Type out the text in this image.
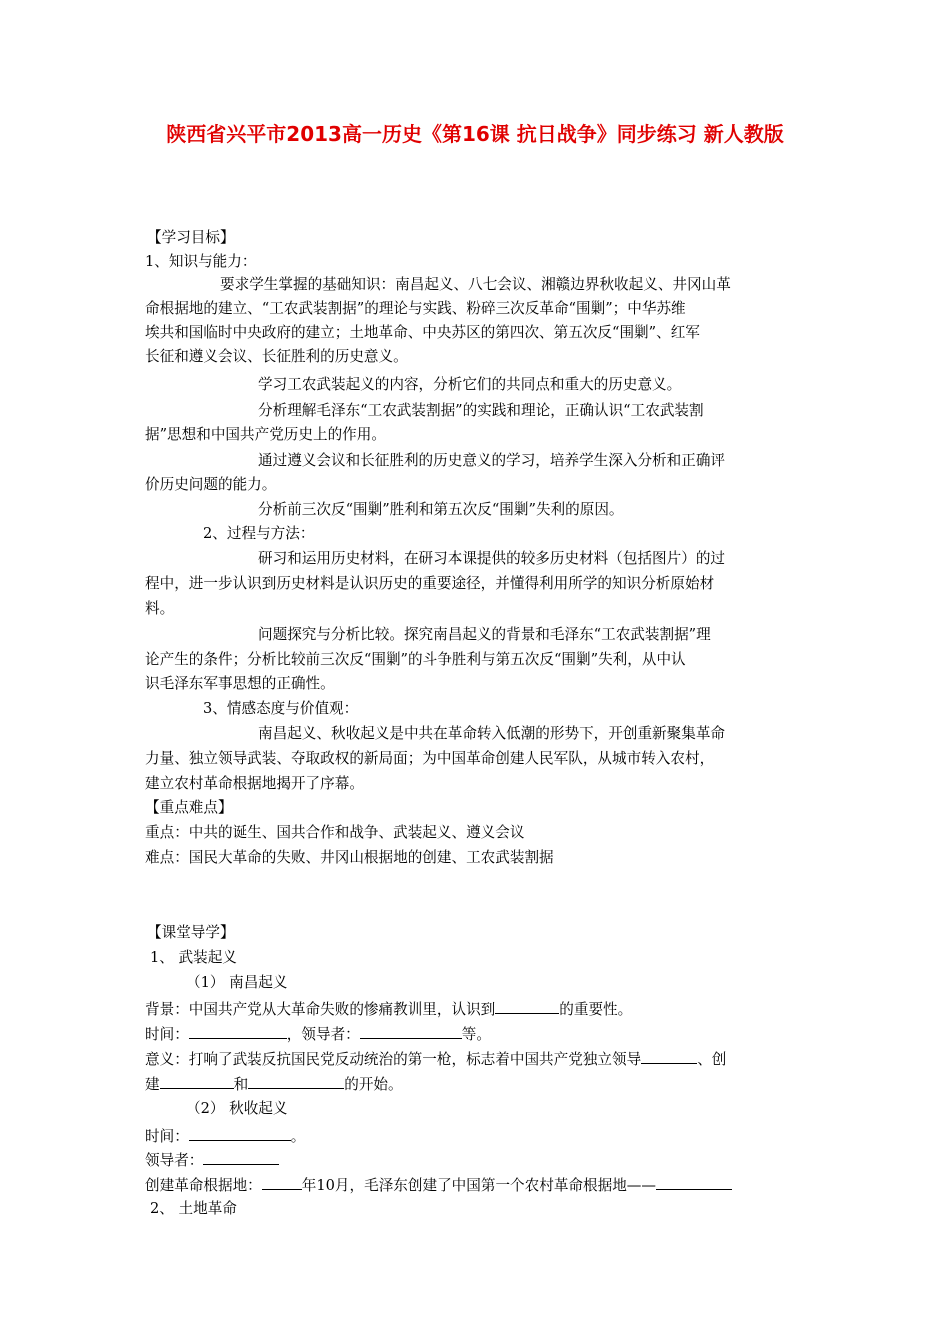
陕西省兴平市2013高一历史《第16课 抗日战争》同步练习 新人教版
【学习目标】
1、知识与能力：
要求学生掌握的基础知识：南昌起义、八七会议、湘赣边界秋收起义、井冈山革
命根据地的建立、“工农武装割据”的理论与实践、粉碎三次反革命“围剿”；中华苏维
埃共和国临时中央政府的建立；土地革命、中央苏区的第四次、第五次反“围剿”、红军
长征和遵义会议、长征胜利的历史意义。
学习工农武装起义的内容，分析它们的共同点和重大的历史意义。
分析理解毛泽东“工农武装割据”的实践和理论，正确认识“工农武装割
据”思想和中国共产党历史上的作用。
通过遵义会议和长征胜利的历史意义的学习，培养学生深入分析和正确评
价历史问题的能力。
分析前三次反“围剿”胜利和第五次反“围剿”失利的原因。
2、过程与方法：
研习和运用历史材料，在研习本课提供的较多历史材料（包括图片）的过
程中，进一步认识到历史材料是认识历史的重要途径，并懂得利用所学的知识分析原始材
料。
问题探究与分析比较。探究南昌起义的背景和毛泽东“工农武装割据”理
论产生的条件；分析比较前三次反“围剿”的斗争胜利与第五次反“围剿”失利，从中认
识毛泽东军事思想的正确性。
3、情感态度与价值观：
南昌起义、秋收起义是中共在革命转入低潮的形势下，开创重新聚集革命
力量、独立领导武装、夺取政权的新局面；为中国革命创建人民军队，从城市转入农村，
建立农村革命根据地揭开了序幕。
【重点难点】
重点：中共的诞生、国共合作和战争、武装起义、遵义会议
难点：国民大革命的失败、井冈山根据地的创建、工农武装割据
【课堂导学】
1、 武装起义
（1） 南昌起义
背景：中国共产党从大革命失败的惨痛教训里，认识到	的重要性。
时间：	，领导者：	等。
意义：打响了武装反抗国民党反动统治的第一枪，标志着中国共产党独立领导	、创
建	和	的开始。
（2） 秋收起义
时间：	。
领导者：
创建革命根据地：	年10月，毛泽东创建了中国第一个农村革命根据地——
2、 土地革命
